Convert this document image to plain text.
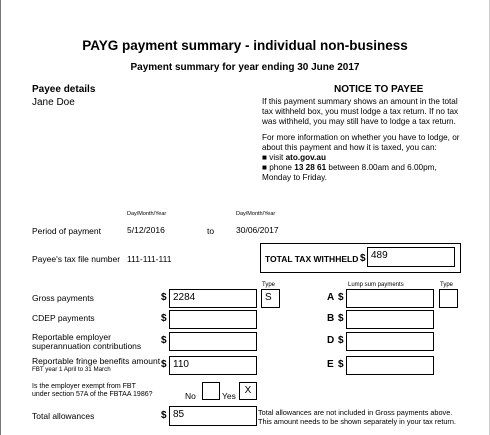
PAYG payment summary - individual non-business
Payment summary for year ending 30 June 2017
Payee details
Jane Doe
NOTICE TO PAYEE
If this payment summary shows an amount in the total
tax withheld box, you must lodge a tax return. If no tax
was withheld, you may still have to lodge a tax return.
For more information on whether you have to lodge, or
about this payment and how it is taxed, you can:
■ visit ato.gov.au
■ phone 13 28 61 between 8.00am and 6.00pm,
Monday to Friday.
Day/Month/Year	Day/Month/Year
Period of payment	5/12/2016	to	30/06/2017
Payee's tax file number 111-111-111	TOTAL TAX WITHHELD $ 489
Type	Lump sum payments	Type
Gross payments	$ 2284	S	A $
CDEP payments	$	B $
Reportable employer
superannuation contributions $	D $
Reportable fringe benefits amount
FBT year 1 April to 31 March	$ 110	E $
Is the employer exempt from FBT
under section 57A of the FBTAA 1986?	No	Yes X
Total allowances	$ 85	Total allowances are not included in Gross payments above.
This amount needs to be shown separately in your tax return.
